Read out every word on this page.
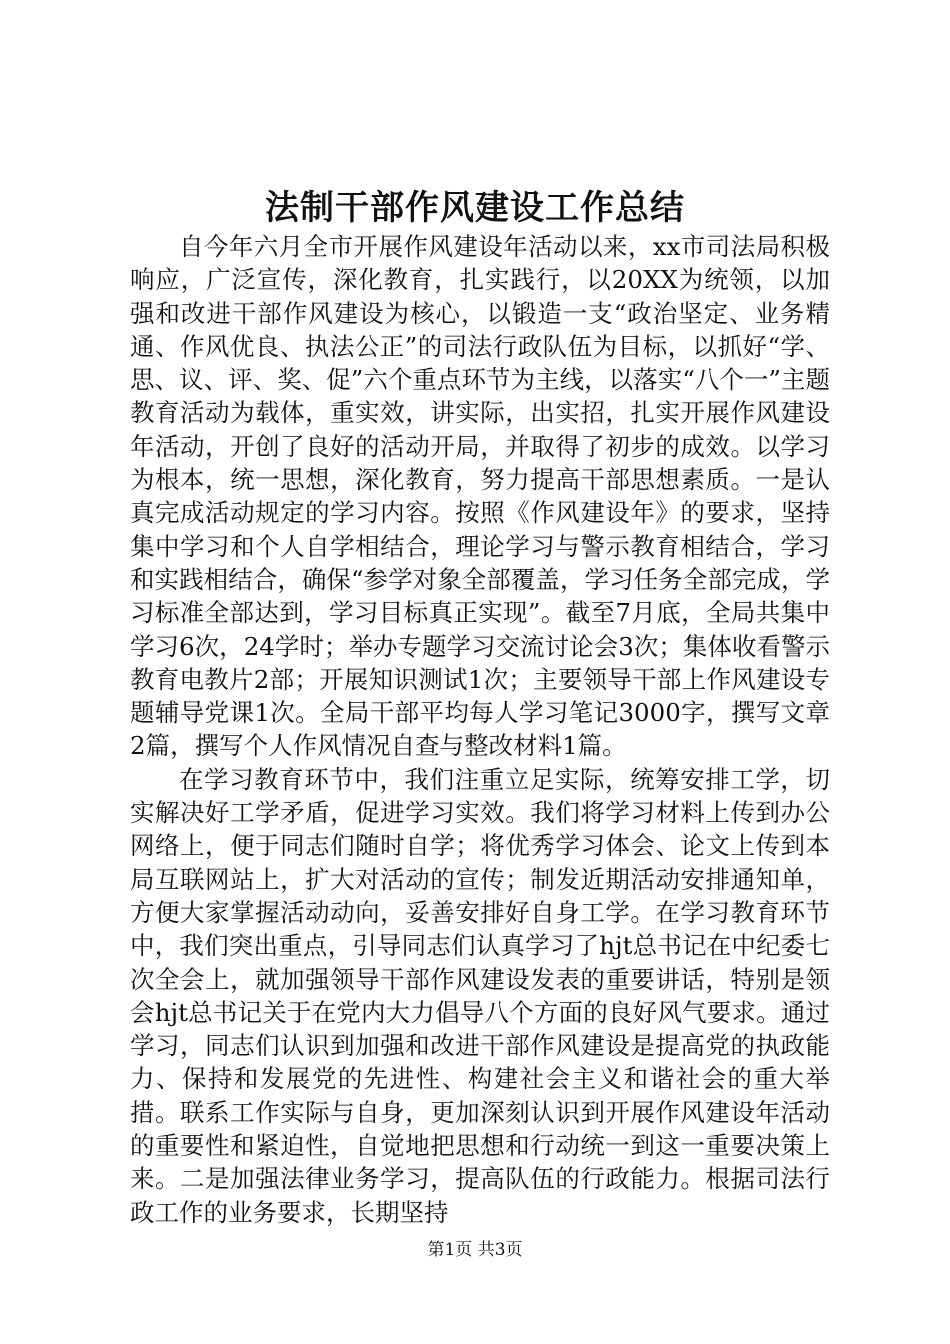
法制干部作风建设工作总结

自今年六月全市开展作风建设年活动以来，xx市司法局积极响应，广泛宣传，深化教育，扎实践行，以20XX为统领，以加强和改进干部作风建设为核心，以锻造一支“政治坚定、业务精通、作风优良、执法公正”的司法行政队伍为目标，以抓好“学、思、议、评、奖、促”六个重点环节为主线，以落实“八个一”主题教育活动为载体，重实效，讲实际，出实招，扎实开展作风建设年活动，开创了良好的活动开局，并取得了初步的成效。以学习为根本，统一思想，深化教育，努力提高干部思想素质。一是认真完成活动规定的学习内容。按照《作风建设年》的要求，坚持集中学习和个人自学相结合，理论学习与警示教育相结合，学习和实践相结合，确保“参学对象全部覆盖，学习任务全部完成，学习标准全部达到，学习目标真正实现”。截至7月底，全局共集中学习6次，24学时；举办专题学习交流讨论会3次；集体收看警示教育电教片2部；开展知识测试1次；主要领导干部上作风建设专题辅导党课1次。全局干部平均每人学习笔记3000字，撰写文章2篇，撰写个人作风情况自查与整改材料1篇。

在学习教育环节中，我们注重立足实际，统筹安排工学，切实解决好工学矛盾，促进学习实效。我们将学习材料上传到办公网络上，便于同志们随时自学；将优秀学习体会、论文上传到本局互联网站上，扩大对活动的宣传；制发近期活动安排通知单，方便大家掌握活动动向，妥善安排好自身工学。在学习教育环节中，我们突出重点，引导同志们认真学习了hjt总书记在中纪委七次全会上，就加强领导干部作风建设发表的重要讲话，特别是领会hjt总书记关于在党内大力倡导八个方面的良好风气要求。通过学习，同志们认识到加强和改进干部作风建设是提高党的执政能力、保持和发展党的先进性、构建社会主义和谐社会的重大举措。联系工作实际与自身，更加深刻认识到开展作风建设年活动的重要性和紧迫性，自觉地把思想和行动统一到这一重要决策上来。二是加强法律业务学习，提高队伍的行政能力。根据司法行政工作的业务要求，长期坚持

第1页 共3页
